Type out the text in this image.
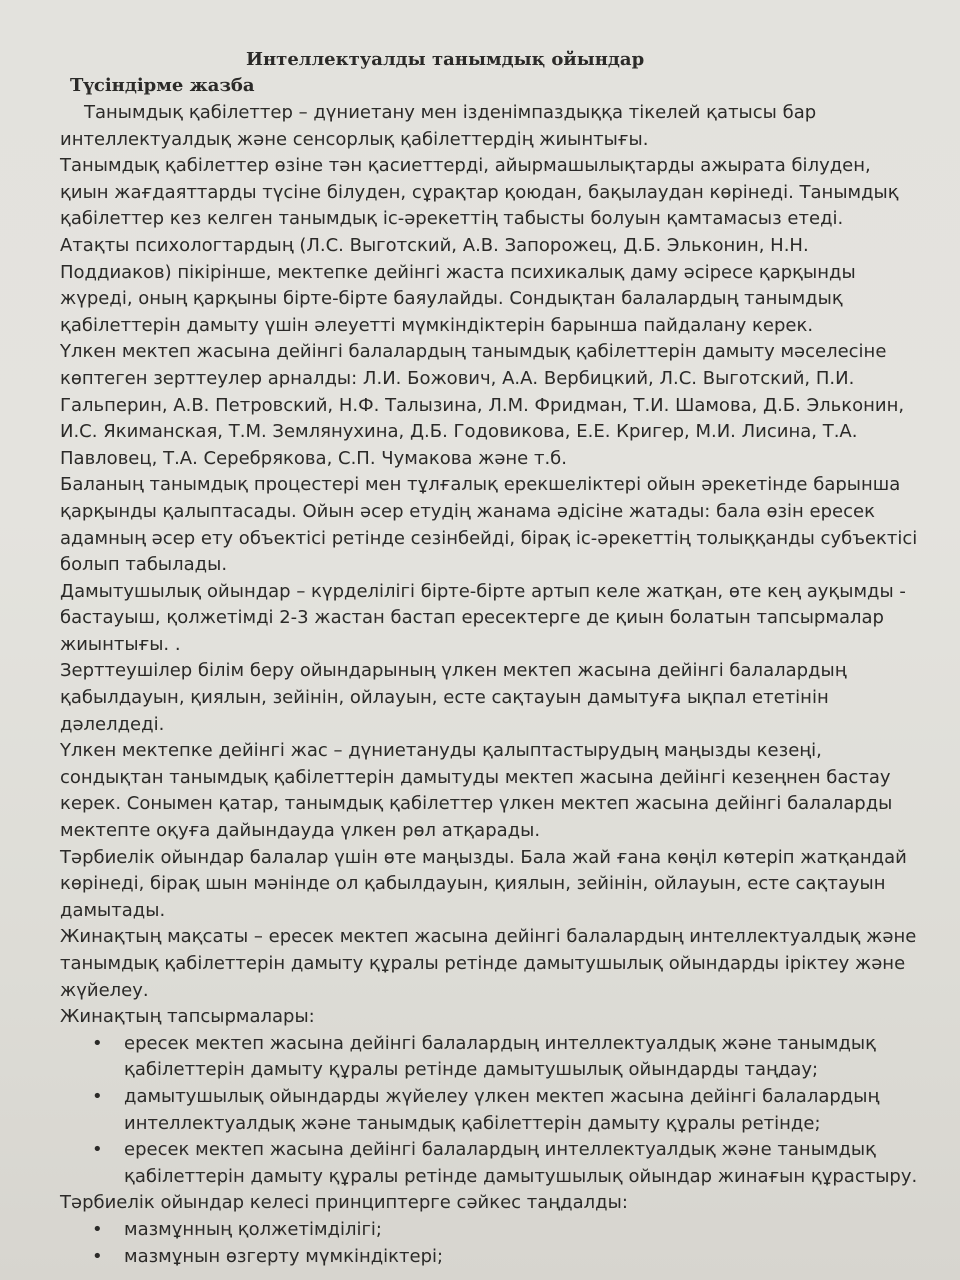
Интеллектуалды танымдық ойындар
Түсіндірме жазба

Танымдық қабілеттер – дүниетану мен ізденімпаздыққа тікелей қатысы бар интеллектуалдық және сенсорлық қабілеттердің жиынтығы.

Танымдық қабілеттер өзіне тән қасиеттерді, айырмашылықтарды ажырата білуден, қиын жағдаяттарды түсіне білуден, сұрақтар қоюдан, бақылаудан көрінеді. Танымдық қабілеттер кез келген танымдық іс-әрекеттің табысты болуын қамтамасыз етеді.

Атақты психологтардың (Л.С. Выготский, А.В. Запорожец, Д.Б. Эльконин, Н.Н. Поддиаков) пікірінше, мектепке дейінгі жаста психикалық даму әсіресе қарқынды жүреді, оның қарқыны бірте-бірте баяулайды. Сондықтан балалардың танымдық қабілеттерін дамыту үшін әлеуетті мүмкіндіктерін барынша пайдалану керек.

Үлкен мектеп жасына дейінгі балалардың танымдық қабілеттерін дамыту мәселесіне көптеген зерттеулер арналды: Л.И. Божович, А.А. Вербицкий, Л.С. Выготский, П.И. Гальперин, А.В. Петровский, Н.Ф. Талызина, Л.М. Фридман, Т.И. Шамова, Д.Б. Эльконин, И.С. Якиманская, Т.М. Землянухина, Д.Б. Годовикова, Е.Е. Кригер, М.И. Лисина, Т.А. Павловец, Т.А. Серебрякова, С.П. Чумакова және т.б.

Баланың танымдық процестері мен тұлғалық ерекшеліктері ойын әрекетінде барынша қарқынды қалыптасады. Ойын әсер етудің жанама әдісіне жатады: бала өзін ересек адамның әсер ету объектісі ретінде сезінбейді, бірақ іс-әрекеттің толыққанды субъектісі болып табылады.

Дамытушылық ойындар – күрделілігі бірте-бірте артып келе жатқан, өте кең ауқымды - бастауыш, қолжетімді 2-3 жастан бастап ересектерге де қиын болатын тапсырмалар жиынтығы. .

Зерттеушілер білім беру ойындарының үлкен мектеп жасына дейінгі балалардың қабылдауын, қиялын, зейінін, ойлауын, есте сақтауын дамытуға ықпал ететінін дәлелдеді.

Үлкен мектепке дейінгі жас – дүниетануды қалыптастырудың маңызды кезеңі, сондықтан танымдық қабілеттерін дамытуды мектеп жасына дейінгі кезеңнен бастау керек. Сонымен қатар, танымдық қабілеттер үлкен мектеп жасына дейінгі балаларды мектепте оқуға дайындауда үлкен рөл атқарады.

Тәрбиелік ойындар балалар үшін өте маңызды. Бала жай ғана көңіл көтеріп жатқандай көрінеді, бірақ шын мәнінде ол қабылдауын, қиялын, зейінін, ойлауын, есте сақтауын дамытады.

Жинақтың мақсаты – ересек мектеп жасына дейінгі балалардың интеллектуалдық және танымдық қабілеттерін дамыту құралы ретінде дамытушылық ойындарды іріктеу және жүйелеу.

Жинақтың тапсырмалары:

• ересек мектеп жасына дейінгі балалардың интеллектуалдық және танымдық қабілеттерін дамыту құралы ретінде дамытушылық ойындарды таңдау;
• дамытушылық ойындарды жүйелеу үлкен мектеп жасына дейінгі балалардың интеллектуалдық және танымдық қабілеттерін дамыту құралы ретінде;
• ересек мектеп жасына дейінгі балалардың интеллектуалдық және танымдық қабілеттерін дамыту құралы ретінде дамытушылық ойындар жинағын құрастыру.

Тәрбиелік ойындар келесі принциптерге сәйкес таңдалды:

• мазмұнның қолжетімділігі;
• мазмұнын өзгерту мүмкіндіктері;
